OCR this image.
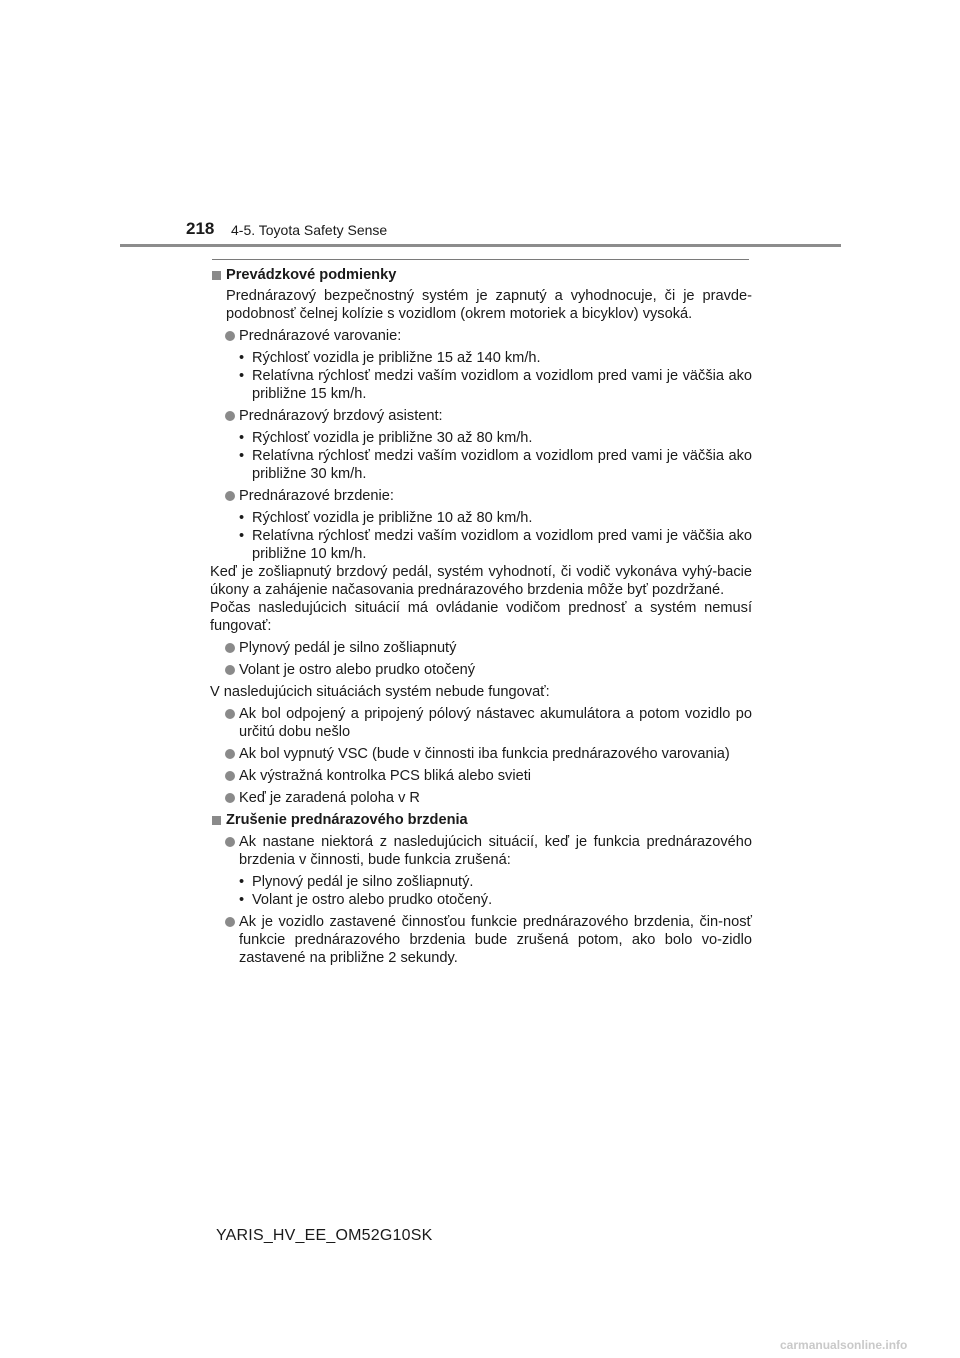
218 4-5. Toyota Safety Sense

Prevádzkové podmienky

Prednárazový bezpečnostný systém je zapnutý a vyhodnocuje, či je pravde-podobnosť čelnej kolízie s vozidlom (okrem motoriek a bicyklov) vysoká.

Prednárazové varovanie:

• Rýchlosť vozidla je približne 15 až 140 km/h.

• Relatívna rýchlosť medzi vaším vozidlom a vozidlom pred vami je väčšia ako približne 15 km/h.

Prednárazový brzdový asistent:

• Rýchlosť vozidla je približne 30 až 80 km/h.

• Relatívna rýchlosť medzi vaším vozidlom a vozidlom pred vami je väčšia ako približne 30 km/h.

Prednárazové brzdenie:

• Rýchlosť vozidla je približne 10 až 80 km/h.

• Relatívna rýchlosť medzi vaším vozidlom a vozidlom pred vami je väčšia ako približne 10 km/h.

Keď je zošliapnutý brzdový pedál, systém vyhodnotí, či vodič vykonáva vyhý-bacie úkony a zahájenie načasovania prednárazového brzdenia môže byť pozdržané.

Počas nasledujúcich situácií má ovládanie vodičom prednosť a systém nemusí fungovať:

Plynový pedál je silno zošliapnutý

Volant je ostro alebo prudko otočený

V nasledujúcich situáciách systém nebude fungovať:

Ak bol odpojený a pripojený pólový nástavec akumulátora a potom vozidlo po určitú dobu nešlo

Ak bol vypnutý VSC (bude v činnosti iba funkcia prednárazového varovania)

Ak výstražná kontrolka PCS bliká alebo svieti

Keď je zaradená poloha v R

Zrušenie prednárazového brzdenia

Ak nastane niektorá z nasledujúcich situácií, keď je funkcia prednárazového brzdenia v činnosti, bude funkcia zrušená:

• Plynový pedál je silno zošliapnutý.

• Volant je ostro alebo prudko otočený.

Ak je vozidlo zastavené činnosťou funkcie prednárazového brzdenia, čin-nosť funkcie prednárazového brzdenia bude zrušená potom, ako bolo vo-zidlo zastavené na približne 2 sekundy.

YARIS_HV_EE_OM52G10SK
carmanualsonline.info
